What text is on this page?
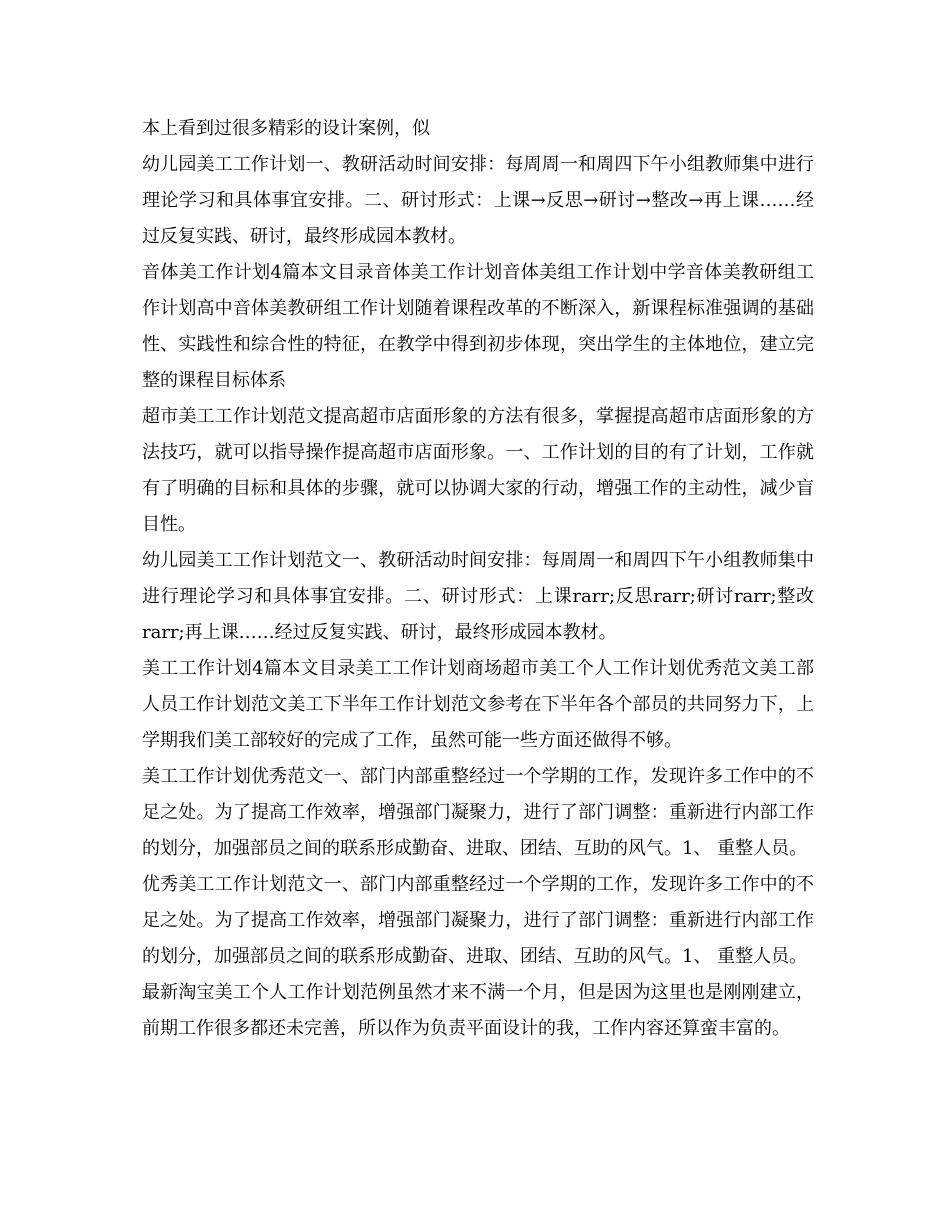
本上看到过很多精彩的设计案例，似

幼儿园美工工作计划一、教研活动时间安排：每周周一和周四下午小组教师集中进行理论学习和具体事宜安排。二、研讨形式：上课→反思→研讨→整改→再上课……经过反复实践、研讨，最终形成园本教材。

音体美工作计划4篇本文目录音体美工作计划音体美组工作计划中学音体美教研组工作计划高中音体美教研组工作计划随着课程改革的不断深入，新课程标准强调的基础性、实践性和综合性的特征，在教学中得到初步体现，突出学生的主体地位，建立完整的课程目标体系

超市美工工作计划范文提高超市店面形象的方法有很多，掌握提高超市店面形象的方法技巧，就可以指导操作提高超市店面形象。一、工作计划的目的有了计划，工作就有了明确的目标和具体的步骤，就可以协调大家的行动，增强工作的主动性，减少盲目性。

幼儿园美工工作计划范文一、教研活动时间安排：每周周一和周四下午小组教师集中进行理论学习和具体事宜安排。二、研讨形式：上课rarr;反思rarr;研讨rarr;整改rarr;再上课……经过反复实践、研讨，最终形成园本教材。

美工工作计划4篇本文目录美工工作计划商场超市美工个人工作计划优秀范文美工部人员工作计划范文美工下半年工作计划范文参考在下半年各个部员的共同努力下，上学期我们美工部较好的完成了工作，虽然可能一些方面还做得不够。

美工工作计划优秀范文一、部门内部重整经过一个学期的工作，发现许多工作中的不足之处。为了提高工作效率，增强部门凝聚力，进行了部门调整：重新进行内部工作的划分，加强部员之间的联系形成勤奋、进取、团结、互助的风气。1、 重整人员。

优秀美工工作计划范文一、部门内部重整经过一个学期的工作，发现许多工作中的不足之处。为了提高工作效率，增强部门凝聚力，进行了部门调整：重新进行内部工作的划分，加强部员之间的联系形成勤奋、进取、团结、互助的风气。1、 重整人员。

最新淘宝美工个人工作计划范例虽然才来不满一个月，但是因为这里也是刚刚建立，前期工作很多都还未完善，所以作为负责平面设计的我，工作内容还算蛮丰富的。
